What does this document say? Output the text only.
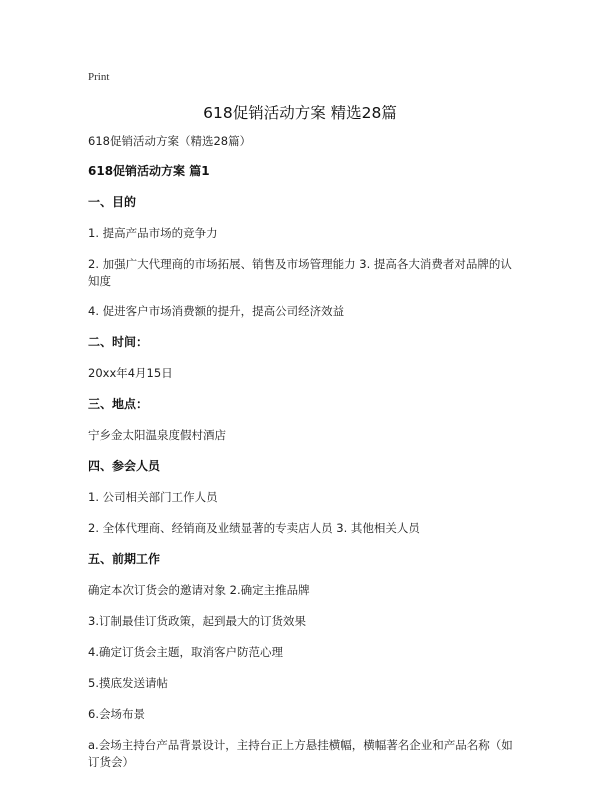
Print
618促销活动方案 精选28篇

618促销活动方案（精选28篇）

618促销活动方案 篇1

一、目的

1. 提高产品市场的竞争力

2. 加强广大代理商的市场拓展、销售及市场管理能力 3. 提高各大消费者对品牌的认知度

4. 促进客户市场消费额的提升，提高公司经济效益

二、时间：

20xx年4月15日

三、地点：

宁乡金太阳温泉度假村酒店

四、参会人员

1. 公司相关部门工作人员

2. 全体代理商、经销商及业绩显著的专卖店人员 3. 其他相关人员

五、前期工作

确定本次订货会的邀请对象 2.确定主推品牌

3.订制最佳订货政策，起到最大的订货效果

4.确定订货会主题，取消客户防范心理

5.摸底发送请帖

6.会场布景

a.会场主持台产品背景设计，主持台正上方悬挂横幅，横幅著名企业和产品名称（如订货会）
